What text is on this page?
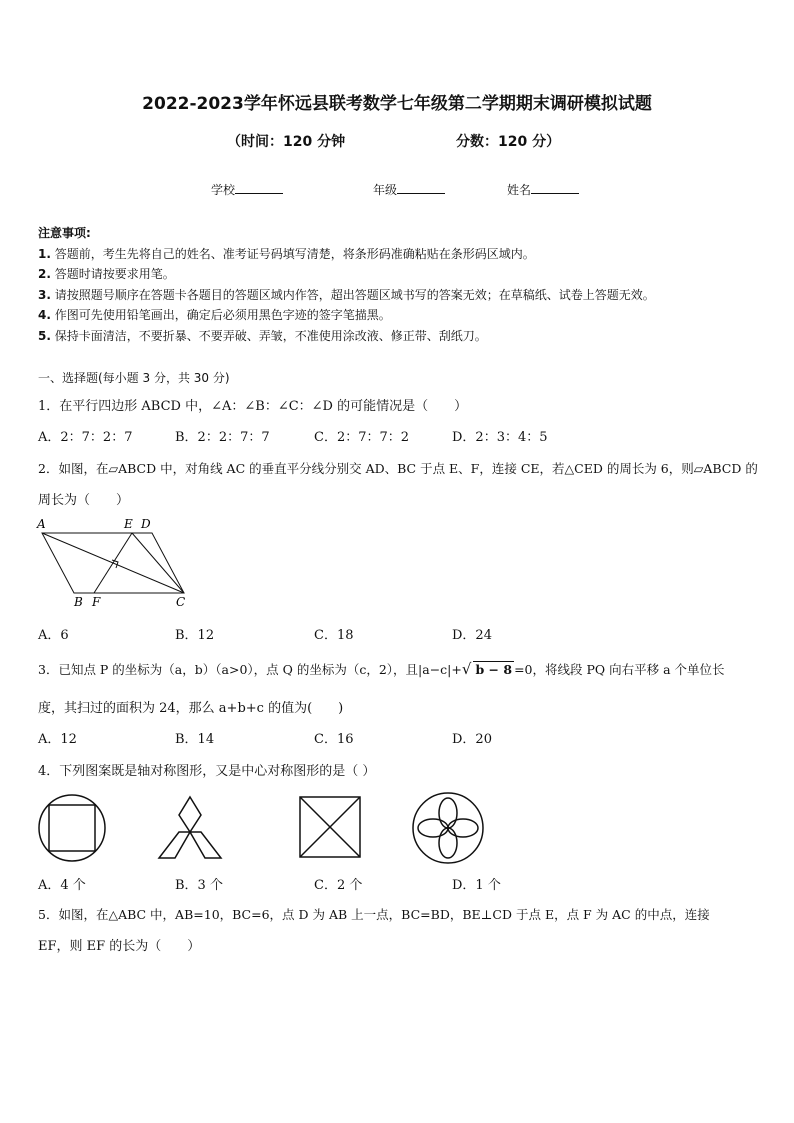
2022-2023学年怀远县联考数学七年级第二学期期末调研模拟试题
（时间：120 分钟	分数：120 分）
学校	年级	姓名
注意事项:
1. 答题前，考生先将自己的姓名、准考证号码填写清楚，将条形码准确粘贴在条形码区域内。
2. 答题时请按要求用笔。
3. 请按照题号顺序在答题卡各题目的答题区域内作答，超出答题区域书写的答案无效；在草稿纸、试卷上答题无效。
4. 作图可先使用铅笔画出，确定后必须用黑色字迹的签字笔描黑。
5. 保持卡面清洁，不要折暴、不要弄破、弄皱，不准使用涂改液、修正带、刮纸刀。
一、选择题(每小题 3 分，共 30 分)
1．在平行四边形 ABCD 中，∠A：∠B：∠C：∠D 的可能情况是（　　）
A．2：7：2：7	B．2：2：7：7	C．2：7：7：2	D．2：3：4：5
2．如图，在▱ABCD 中，对角线 AC 的垂直平分线分别交 AD、BC 于点 E、F，连接 CE，若△CED 的周长为 6，则▱ABCD 的
周长为（　　）
A	E D
B F	C
A．6	B．12	C．18	D．24
3．已知点 P 的坐标为（a，b）（a>0），点 Q 的坐标为（c，2），且|a−c|+√ b − 8 =0，将线段 PQ 向右平移 a 个单位长
度，其扫过的面积为 24，那么 a+b+c 的值为(　　)
A．12	B．14	C．16	D．20
4．下列图案既是轴对称图形，又是中心对称图形的是（ ）
A．4 个	B．3 个	C．2 个	D．1 个
5．如图，在△ABC 中，AB=10，BC=6，点 D 为 AB 上一点，BC=BD，BE⊥CD 于点 E，点 F 为 AC 的中点，连接
EF，则 EF 的长为（　　）
